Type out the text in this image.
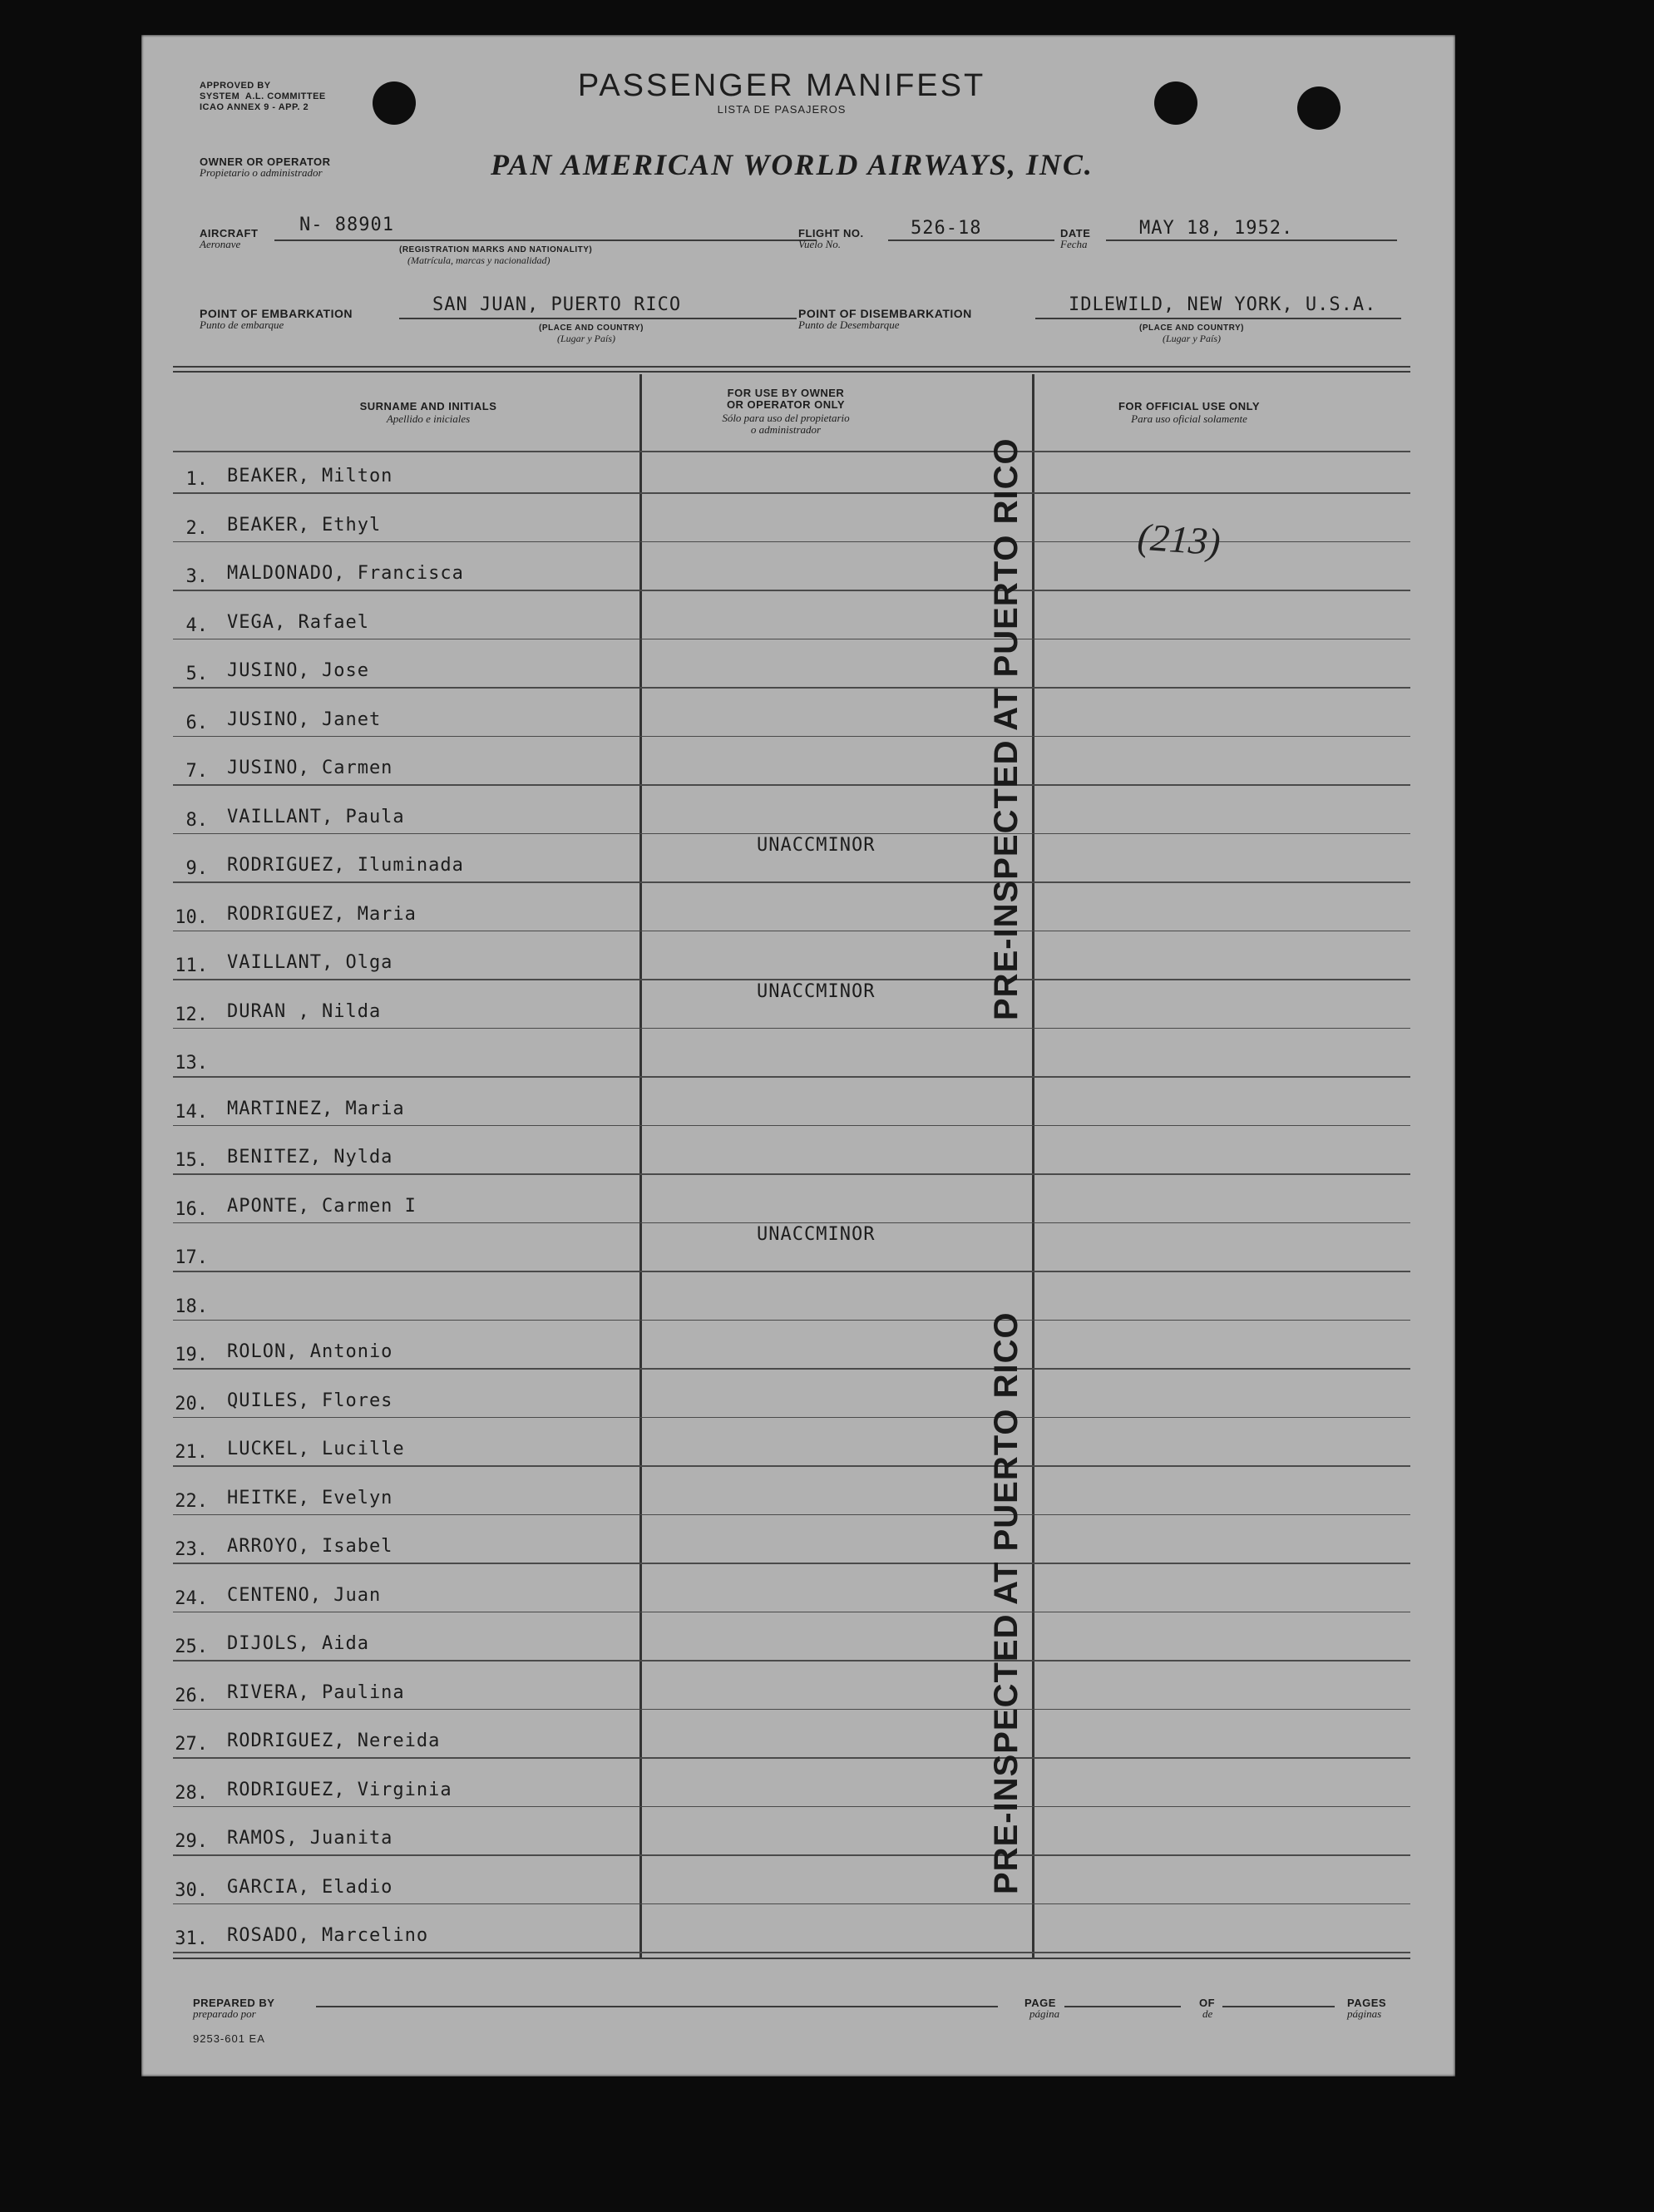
APPROVED BY
SYSTEM  A.L. COMMITTEE
ICAO ANNEX 9 - APP. 2
PASSENGER MANIFEST
LISTA DE PASAJEROS
OWNER OR OPERATOR
Propietario o administrador	PAN AMERICAN WORLD AIRWAYS, INC.
AIRCRAFT
Aeronave
N- 88901
(REGISTRATION MARKS AND NATIONALITY)
(Matrícula, marcas y nacionalidad)
FLIGHT NO.
Vuelo No.
526-18	DATE
Fecha
MAY 18, 1952.
POINT OF EMBARKATION
Punto de embarque
SAN JUAN, PUERTO RICO
(PLACE AND COUNTRY)
(Lugar y País)
POINT OF DISEMBARKATION
Punto de Desembarque
IDLEWILD, NEW YORK, U.S.A.
(PLACE AND COUNTRY)
(Lugar y País)
SURNAME AND INITIALS
Apellido e iniciales
FOR USE BY OWNER
OR OPERATOR ONLY
Sólo para uso del propietario
o administrador
FOR OFFICIAL USE ONLY
Para uso oficial solamente
1. BEAKER, Milton
2. BEAKER, Ethyl
3. MALDONADO, Francisca
4. VEGA, Rafael
5. JUSINO, Jose
6. JUSINO, Janet
7. JUSINO, Carmen
8. VAILLANT, Paula
9. RODRIGUEZ, Iluminada
UNACCMINOR
10. RODRIGUEZ, Maria
11. VAILLANT, Olga
12. DURAN , Nilda
UNACCMINOR
13.
14. MARTINEZ, Maria
15. BENITEZ, Nylda
16. APONTE, Carmen I
17.
UNACCMINOR
18.
19. ROLON, Antonio
20. QUILES, Flores
21. LUCKEL, Lucille
22. HEITKE, Evelyn
23. ARROYO, Isabel
24. CENTENO, Juan
25. DIJOLS, Aida
26. RIVERA, Paulina
27. RODRIGUEZ, Nereida
28. RODRIGUEZ, Virginia
29. RAMOS, Juanita
30. GARCIA, Eladio
31. ROSADO, Marcelino
(213)
PRE-INSPECTED AT PUERTO RICO
PRE-INSPECTED AT PUERTO RICO
PREPARED BY
preparado por
PAGE
página
OF
de
PAGES
páginas
9253-601 EA
